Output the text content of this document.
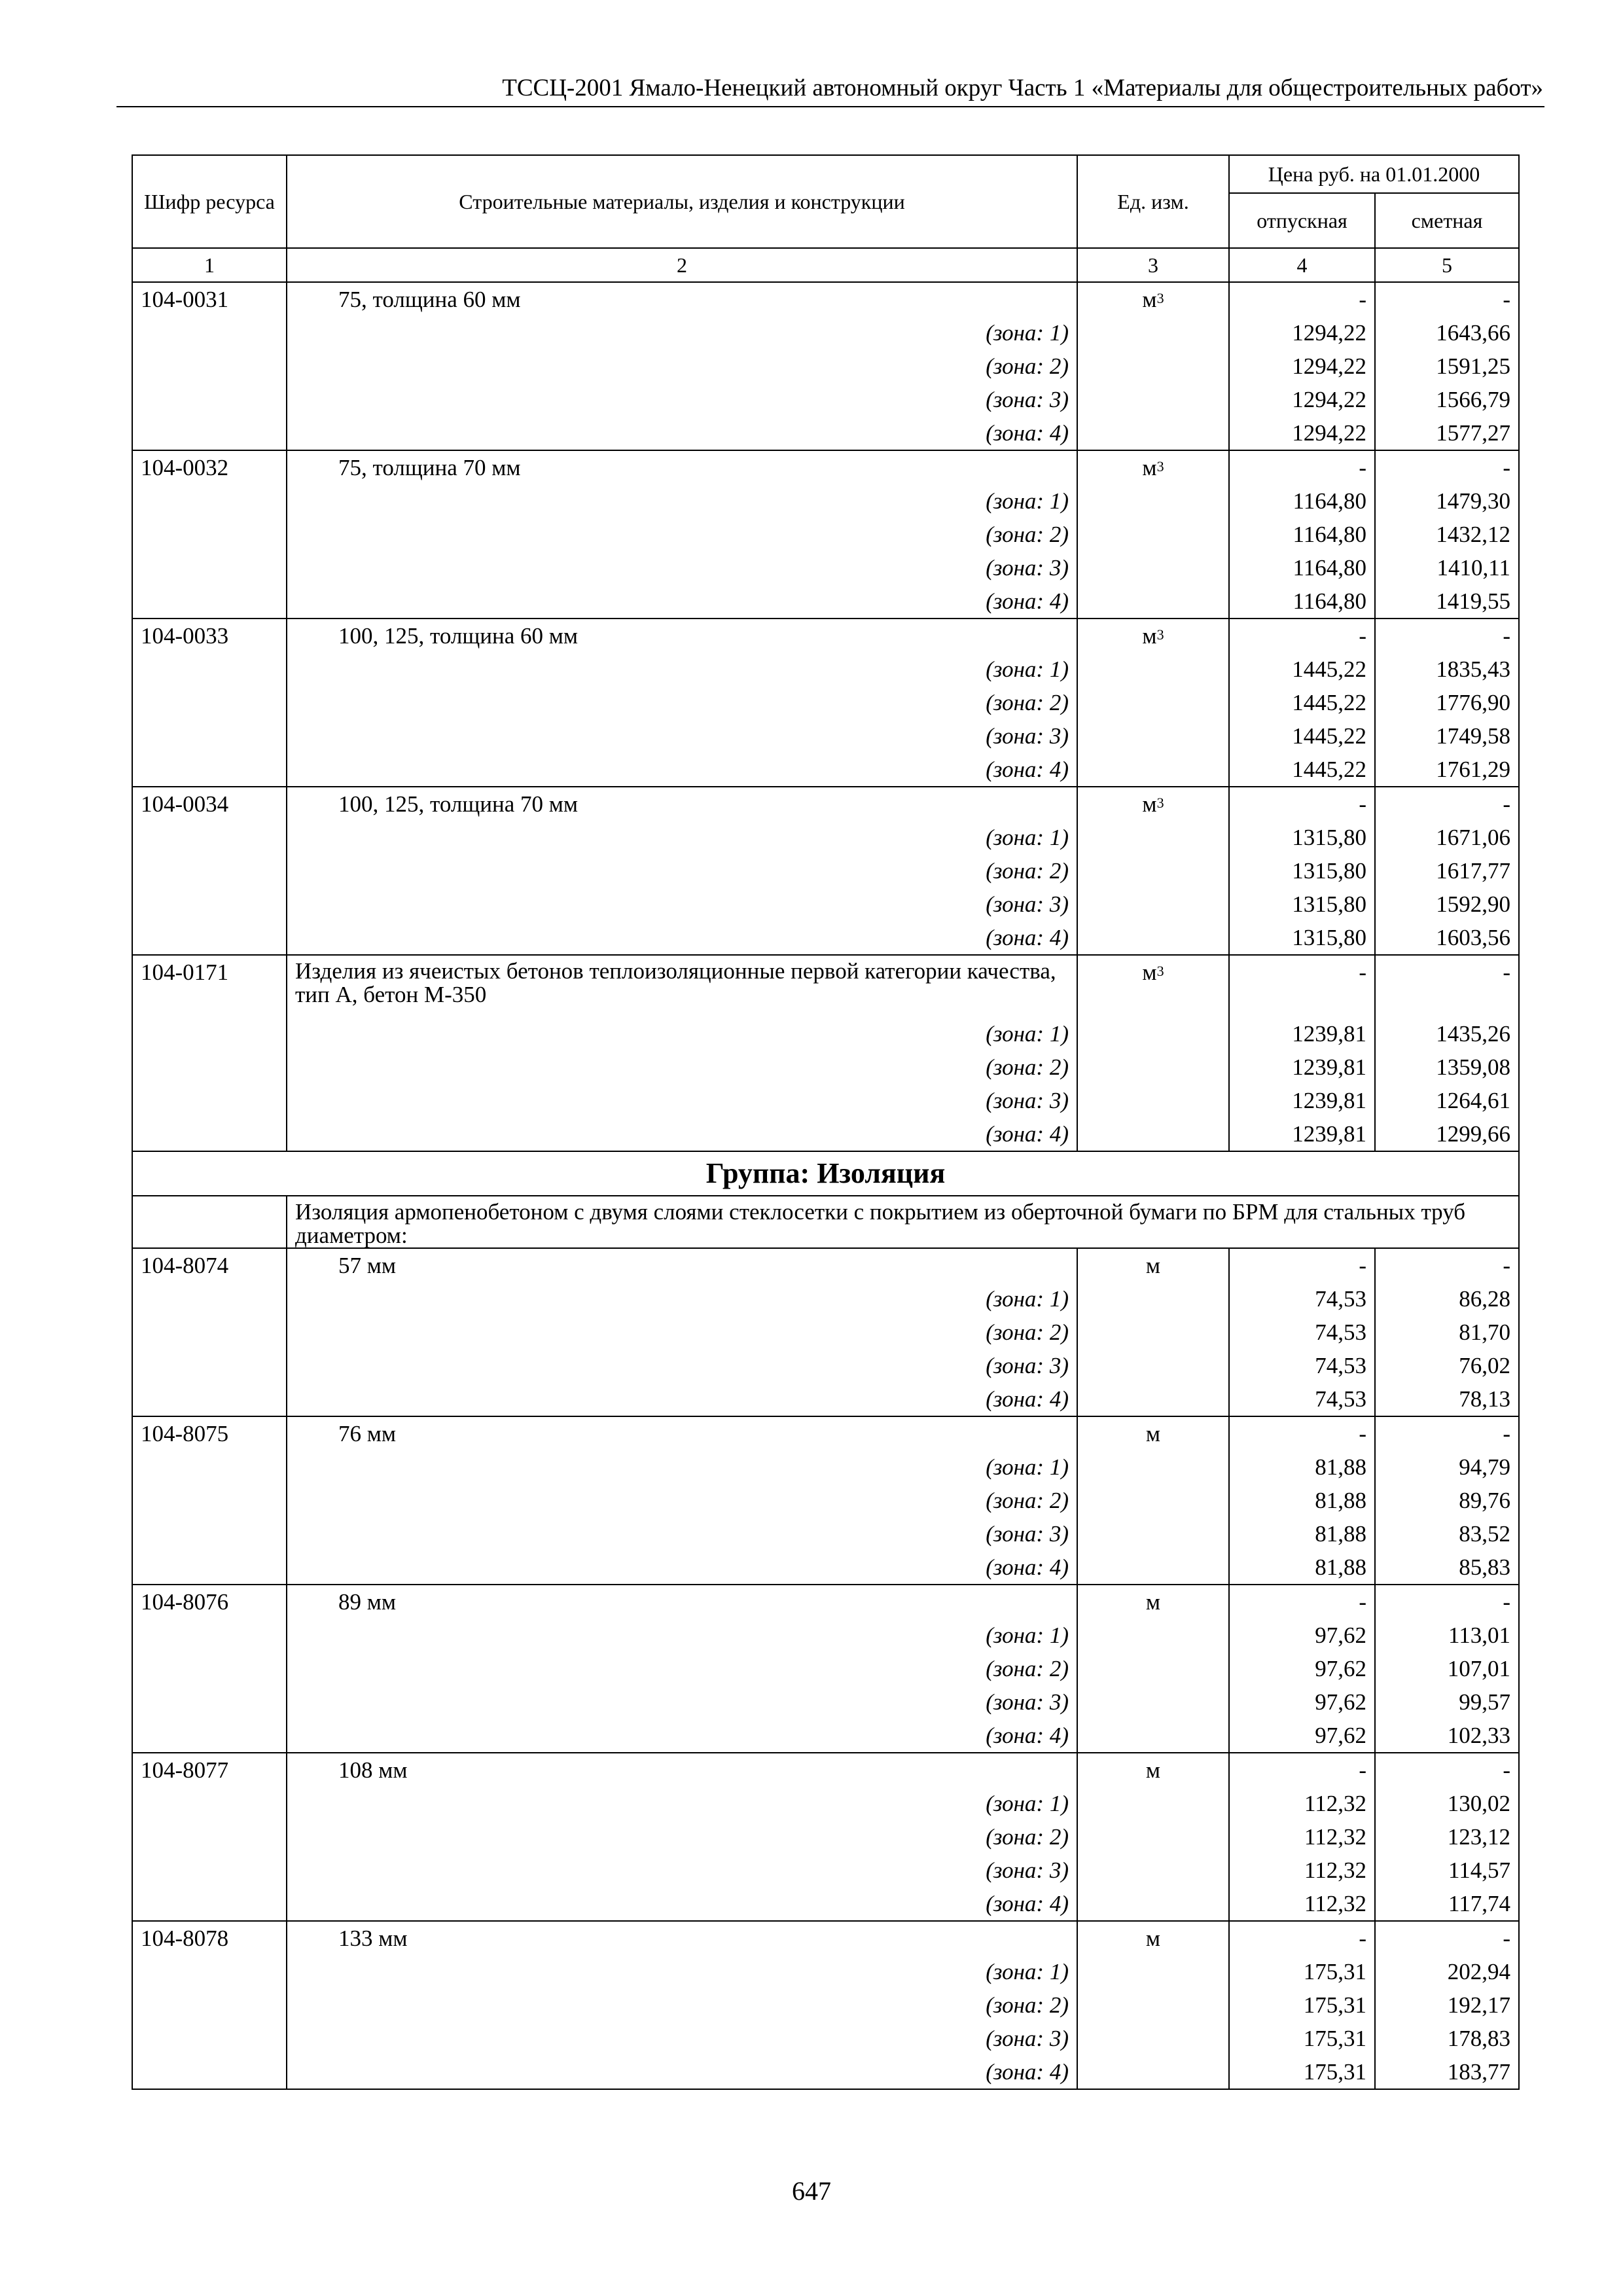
ТССЦ-2001 Ямало-Ненецкий автономный округ Часть 1 «Материалы для общестроительных работ»
Шифр ресурса	Строительные материалы, изделия и конструкции	Ед. изм.	Цена руб. на 01.01.2000	
			отпускная	сметная
1	2	3	4	5
104-0031	75, толщина 60 мм	$м^3$	-	-
	(зона: 1)		1294,22	1643,66
	(зона: 2)		1294,22	1591,25
	(зона: 3)		1294,22	1566,79
	(зона: 4)		1294,22	1577,27
104-0032	75, толщина 70 мм	$м^3$	-	-
	(зона: 1)		1164,80	1479,30
	(зона: 2)		1164,80	1432,12
	(зона: 3)		1164,80	1410,11
	(зона: 4)		1164,80	1419,55
104-0033	100, 125, толщина 60 мм	$м^3$	-	-
	(зона: 1)		1445,22	1835,43
	(зона: 2)		1445,22	1776,90
	(зона: 3)		1445,22	1749,58
	(зона: 4)		1445,22	1761,29
104-0034	100, 125, толщина 70 мм	$м^3$	-	-
	(зона: 1)		1315,80	1671,06
	(зона: 2)		1315,80	1617,77
	(зона: 3)		1315,80	1592,90
	(зона: 4)		1315,80	1603,56
104-0171	Изделия из ячеистых бетонов теплоизоляционные первой категории качества, тип А, бетон М-350	$м^3$	-	-
	(зона: 1)		1239,81	1435,26
	(зона: 2)		1239,81	1359,08
	(зона: 3)		1239,81	1264,61
	(зона: 4)		1239,81	1299,66
Группа: Изоляция				
	Изоляция армопенобетоном с двумя слоями стеклосетки с покрытием из оберточной бумаги по БРМ для стальных труб диаметром:			
104-8074	57 мм	м	-	-
	(зона: 1)		74,53	86,28
	(зона: 2)		74,53	81,70
	(зона: 3)		74,53	76,02
	(зона: 4)		74,53	78,13
104-8075	76 мм	м	-	-
	(зона: 1)		81,88	94,79
	(зона: 2)		81,88	89,76
	(зона: 3)		81,88	83,52
	(зона: 4)		81,88	85,83
104-8076	89 мм	м	-	-
	(зона: 1)		97,62	113,01
	(зона: 2)		97,62	107,01
	(зона: 3)		97,62	99,57
	(зона: 4)		97,62	102,33
104-8077	108 мм	м	-	-
	(зона: 1)		112,32	130,02
	(зона: 2)		112,32	123,12
	(зона: 3)		112,32	114,57
	(зона: 4)		112,32	117,74
104-8078	133 мм	м	-	-
	(зона: 1)		175,31	202,94
	(зона: 2)		175,31	192,17
	(зона: 3)		175,31	178,83
	(зона: 4)		175,31	183,77
647
